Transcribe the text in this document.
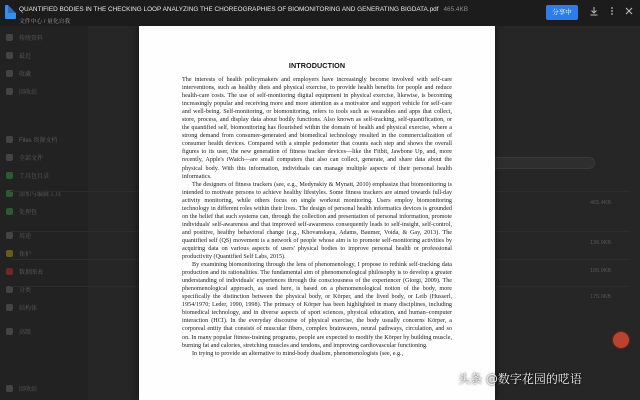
QUANTIFIED BODIES IN THE CHECKING LOOP ANALYZING THE CHOREOGRAPHIES OF BIOMONITORING AND GENERATING BIGDATA.pdf 465.4KB
文件中心 / 量化自我
分享中
传统资料
最近
收藏
回收站
Files 资源文档
全部文件
工具包目录
添加与编辑工具
处理包
用途
保护
数据图表
分类
结构体
高级
回收站
465.4KB
136.9KB
106.9KB
175.0KB
INTRODUCTION

The interests of health policymakers and employers have increasingly become involved with self-care interventions, such as healthy diets and physical exercise, to provide health benefits for people and reduce health-care costs. The use of self-monitoring digital equipment in physical exercise, likewise, is becoming increasingly popular and receiving more and more attention as a motivator and support vehicle for self-care and well-being. Self-monitoring, or biomonitoring, refers to tools such as wearables and apps that collect, store, process, and display data about bodily functions. Also known as self-tracking, self-quantification, or the quantified self, biomonitoring has flourished within the domain of health and physical exercise, where a strong demand from consumer-generated and biomedical technology resulted in the commercialization of consumer health devices. Compared with a simple pedometer that counts each step and shows the overall figures to its user, the new generation of fitness tracker devices—like the Fitbit, Jawbone Up, and, more recently, Apple's iWatch—are small computers that also can collect, generate, and share data about the physical body. With this information, individuals can manage multiple aspects of their personal health informatics.

The designers of fitness trackers (see, e.g., Medynskiy & Mynatt, 2010) emphasize that biomonitoring is intended to motivate persons to achieve healthy lifestyles. Some fitness trackers are aimed towards full-day activity monitoring, while others focus on single workout monitoring. Users employ biomonitoring technology in different roles within their lives. The design of personal health informatics devices is grounded on the belief that such systems can, through the collection and presentation of personal information, promote individuals' self-awareness and that improved self-awareness consequently leads to self-insight, self-control, and positive, healthy behavioral change (e.g., Khovanskaya, Adams, Baumer, Voida, & Gay, 2013). The quantified self (QS) movement is a network of people whose aim is to promote self-monitoring activities by acquiring data on various aspects of users' physical bodies to improve personal health or professional productivity (Quantified Self Labs, 2015).

By examining biomonitoring through the lens of phenomenology, I propose to rethink self-tracking data production and its rationalities. The fundamental aim of phenomenological philosophy is to develop a greater understanding of individuals' experiences through the consciousness of the experiencer (Giorgi, 2009). The phenomenological approach, as used here, is based on a phenomenological notion of the body, more specifically the distinction between the physical body, or Körper, and the lived body, or Leib (Husserl, 1954/1970; Leder, 1990, 1998). The primacy of Körper has been highlighted in many disciplines, including biomedical technology, and in diverse aspects of sport sciences, physical education, and human–computer interaction (HCI). In the everyday discourse of physical exercise, the body usually concerns Körper, a corporeal entity that consists of muscular fibers, complex brainwaves, neural pathways, circulation, and so on. In many popular fitness-training programs, people are expected to modify the Körper by building muscle, burning fat and calories, stretching muscles and tendons, and improving cardiovascular functioning.

In trying to provide an alternative to mind-body dualism, phenomenologists (see, e.g.,

头条 @数字花园的呓语
